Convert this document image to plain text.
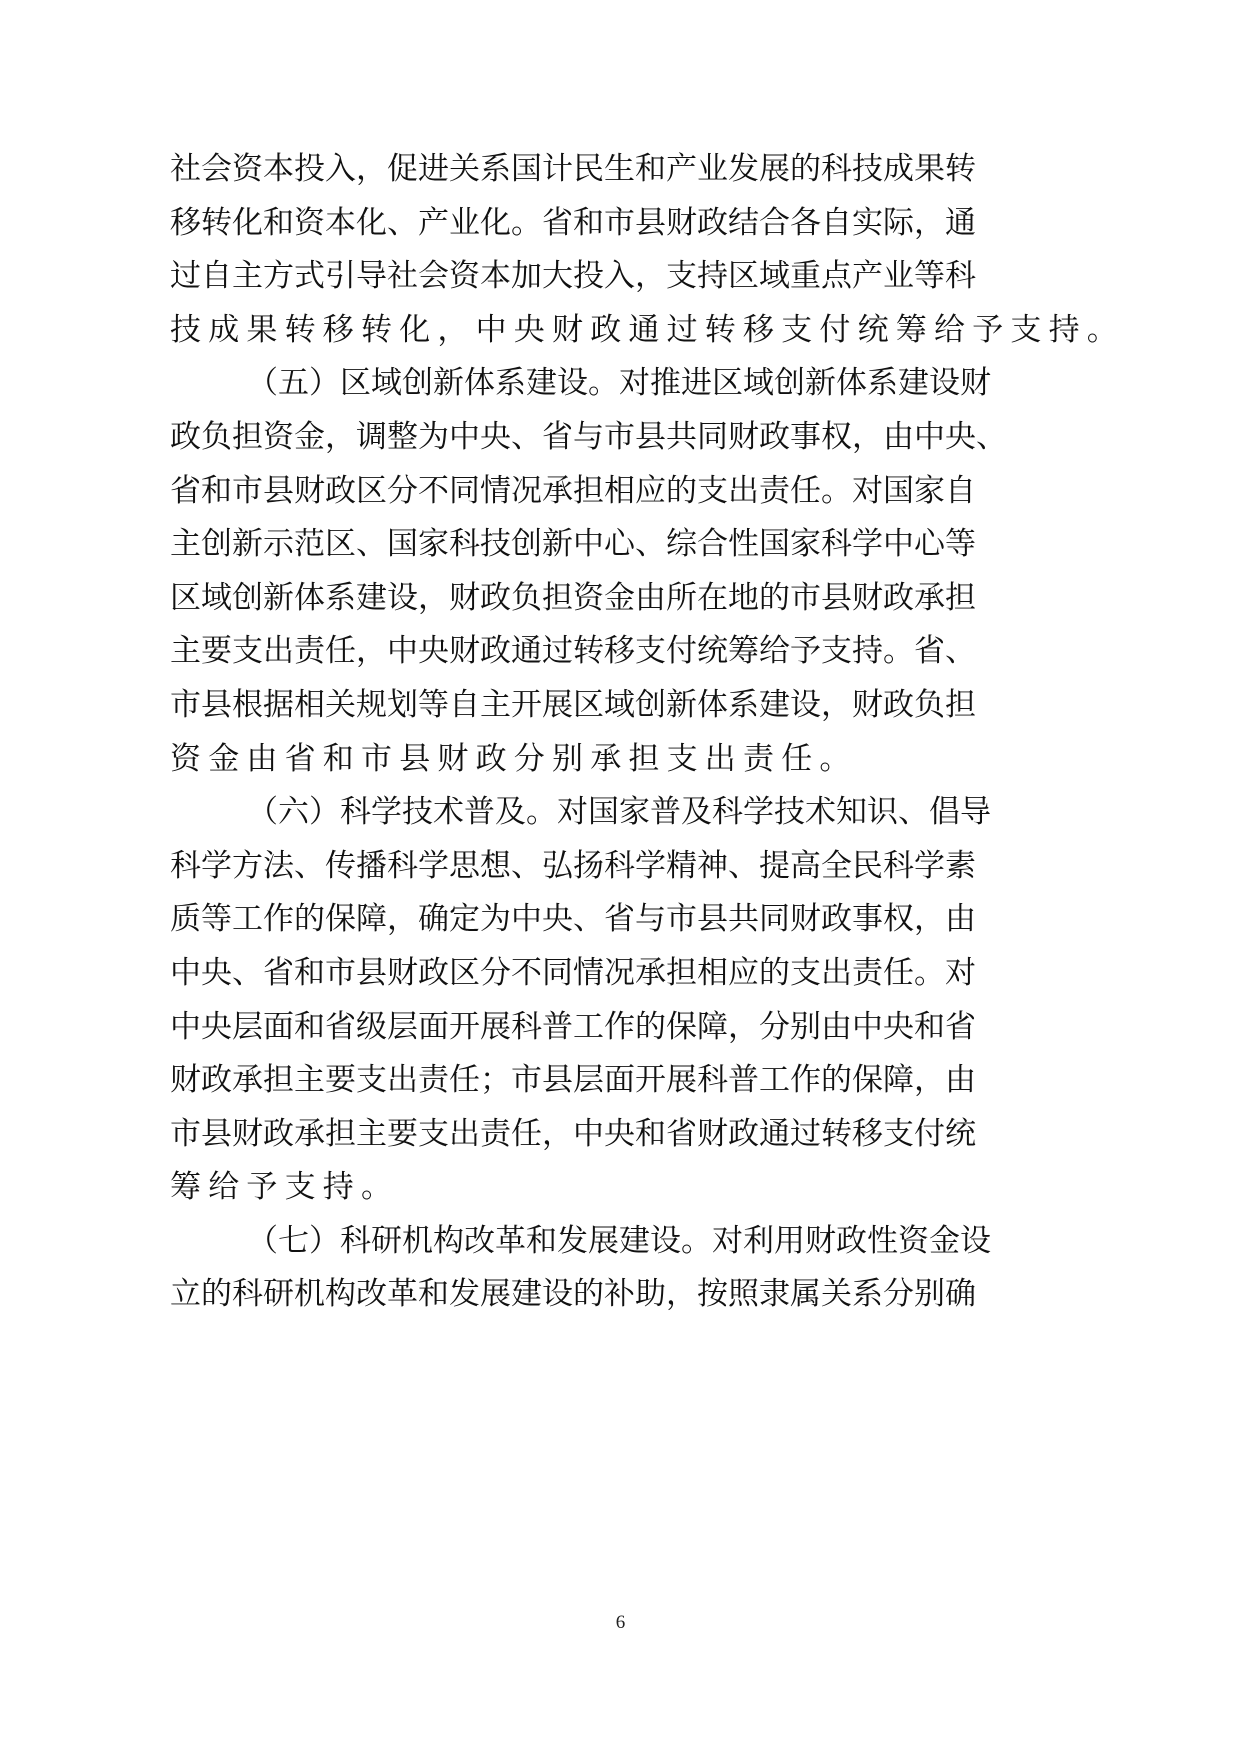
社会资本投入，促进关系国计民生和产业发展的科技成果转
移转化和资本化、产业化。省和市县财政结合各自实际，通
过自主方式引导社会资本加大投入，支持区域重点产业等科
技成果转移转化，中央财政通过转移支付统筹给予支持。
（五）区域创新体系建设。对推进区域创新体系建设财
政负担资金，调整为中央、省与市县共同财政事权，由中央、
省和市县财政区分不同情况承担相应的支出责任。对国家自
主创新示范区、国家科技创新中心、综合性国家科学中心等
区域创新体系建设，财政负担资金由所在地的市县财政承担
主要支出责任，中央财政通过转移支付统筹给予支持。省、
市县根据相关规划等自主开展区域创新体系建设，财政负担
资金由省和市县财政分别承担支出责任。
（六）科学技术普及。对国家普及科学技术知识、倡导
科学方法、传播科学思想、弘扬科学精神、提高全民科学素
质等工作的保障，确定为中央、省与市县共同财政事权，由
中央、省和市县财政区分不同情况承担相应的支出责任。对
中央层面和省级层面开展科普工作的保障，分别由中央和省
财政承担主要支出责任；市县层面开展科普工作的保障，由
市县财政承担主要支出责任，中央和省财政通过转移支付统
筹给予支持。
（七）科研机构改革和发展建设。对利用财政性资金设
立的科研机构改革和发展建设的补助，按照隶属关系分别确
6
